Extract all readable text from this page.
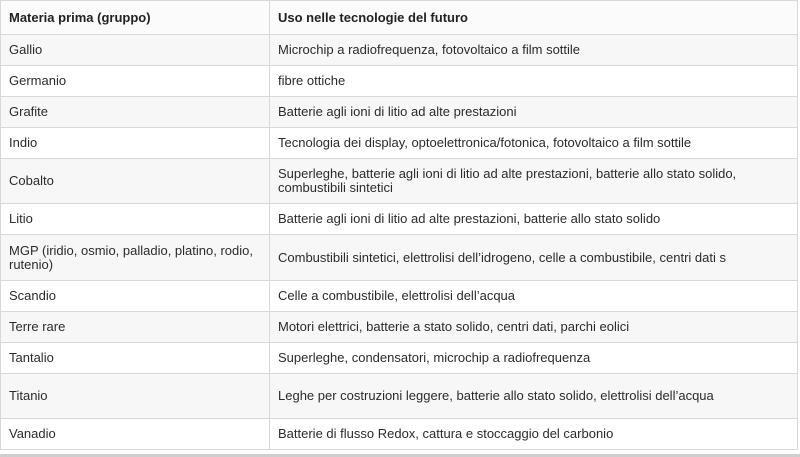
Materia prima (gruppo)	Uso nelle tecnologie del futuro
Gallio	Microchip a radiofrequenza, fotovoltaico a film sottile
Germanio	fibre ottiche
Grafite	Batterie agli ioni di litio ad alte prestazioni
Indio	Tecnologia dei display, optoelettronica/fotonica, fotovoltaico a film sottile
Cobalto	Superleghe, batterie agli ioni di litio ad alte prestazioni, batterie allo stato solido, combustibili sintetici
Litio	Batterie agli ioni di litio ad alte prestazioni, batterie allo stato solido
MGP (iridio, osmio, palladio, platino, rodio, rutenio)	Combustibili sintetici, elettrolisi dell’idrogeno, celle a combustibile, centri dati s
Scandio	Celle a combustibile, elettrolisi dell’acqua
Terre rare	Motori elettrici, batterie a stato solido, centri dati, parchi eolici
Tantalio	Superleghe, condensatori, microchip a radiofrequenza
Titanio	Leghe per costruzioni leggere, batterie allo stato solido, elettrolisi dell’acqua
Vanadio	Batterie di flusso Redox, cattura e stoccaggio del carbonio
